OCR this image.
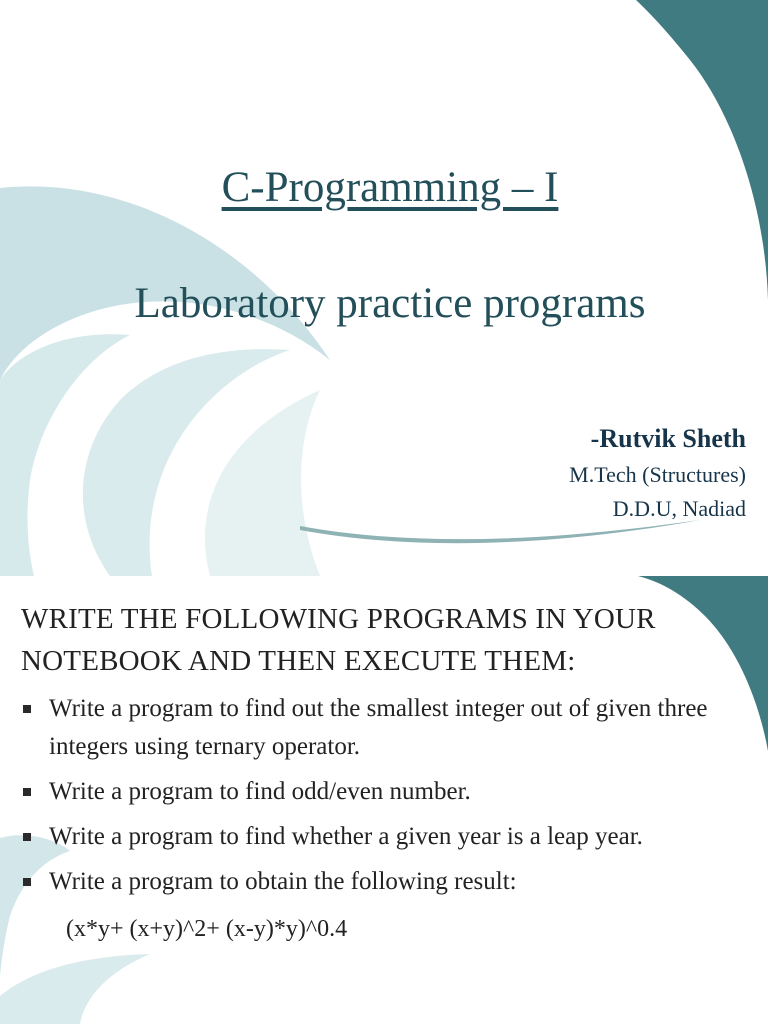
C-Programming – I
Laboratory practice programs
-Rutvik Sheth
M.Tech (Structures)
D.D.U, Nadiad
WRITE THE FOLLOWING PROGRAMS IN YOUR NOTEBOOK AND THEN EXECUTE THEM:
Write a program to find out the smallest integer out of given three integers using ternary operator.
Write a program to find odd/even number.
Write a program to find whether a given year is a leap year.
Write a program to obtain the following result:
(x*y+ (x+y)^2+ (x-y)*y)^0.4
